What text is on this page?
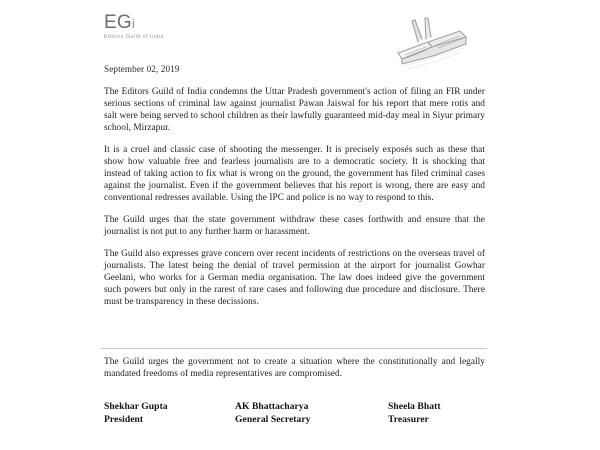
EGi
Editors Guild of India
September 02, 2019

The Editors Guild of India condemns the Uttar Pradesh government's action of filing an FIR under serious sections of criminal law against journalist Pawan Jaiswal for his report that mere rotis and salt were being served to school children as their lawfully guaranteed mid-day meal in Siyur primary school, Mirzapur.

It is a cruel and classic case of shooting the messenger. It is precisely exposés such as these that show how valuable free and fearless journalists are to a democratic society. It is shocking that instead of taking action to fix what is wrong on the ground, the government has filed criminal cases against the journalist. Even if the government believes that his report is wrong, there are easy and conventional redresses available. Using the IPC and police is no way to respond to this.

The Guild urges that the state government withdraw these cases forthwith and ensure that the journalist is not put to any further harm or harassment.

The Guild also expresses grave concern over recent incidents of restrictions on the overseas travel of journalists. The latest being the denial of travel permission at the airport for journalist Gowhar Geelani, who works for a German media organisation. The law does indeed give the government such powers but only in the rarest of rare cases and following due procedure and disclosure. There must be transparency in these decissions.

The Guild urges the government not to create a situation where the constitutionally and legally mandated freedoms of media representatives are compromised.

Shekhar Gupta
President
AK Bhattacharya
General Secretary
Sheela Bhatt
Treasurer
